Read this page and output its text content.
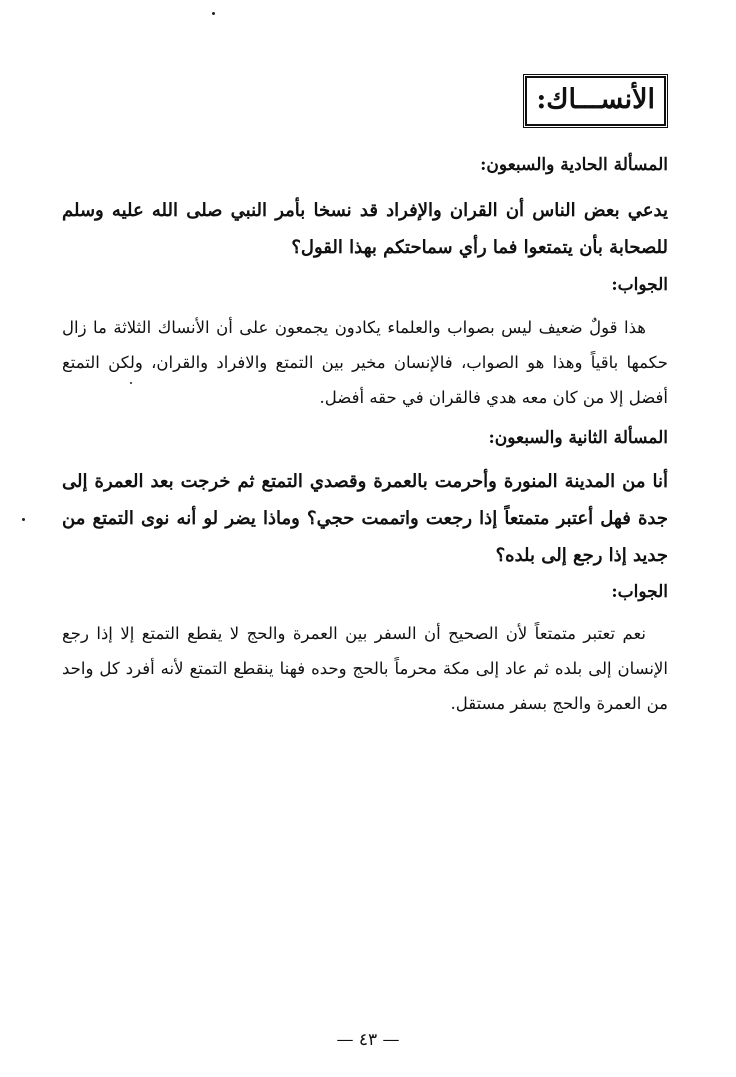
الأنســـاك:
المسألة الحادية والسبعون:
يدعي بعض الناس أن القران والإفراد قد نسخا بأمر النبي صلى الله عليه وسلم للصحابة بأن يتمتعوا فما رأي سماحتكم بهذا القول؟
الجواب:
هذا قولٌ ضعيف ليس بصواب والعلماء يكادون يجمعون على أن الأنساك الثلاثة ما زال حكمها باقياً وهذا هو الصواب، فالإنسان مخير بين التمتع والافراد والقران، ولكن التمتع أفضل إلا من كان معه هدي فالقران في حقه أفضل.
المسألة الثانية والسبعون:
أنا من المدينة المنورة وأحرمت بالعمرة وقصدي التمتع ثم خرجت بعد العمرة إلى جدة فهل أعتبر متمتعاً إذا رجعت واتممت حجي؟ وماذا يضر لو أنه نوى التمتع من جديد إذا رجع إلى بلده؟
الجواب:
نعم تعتبر متمتعاً لأن الصحيح أن السفر بين العمرة والحج لا يقطع التمتع إلا إذا رجع الإنسان إلى بلده ثم عاد إلى مكة محرماً بالحج وحده فهنا ينقطع التمتع لأنه أفرد كل واحد من العمرة والحج بسفر مستقل.
— ٤٣ —
